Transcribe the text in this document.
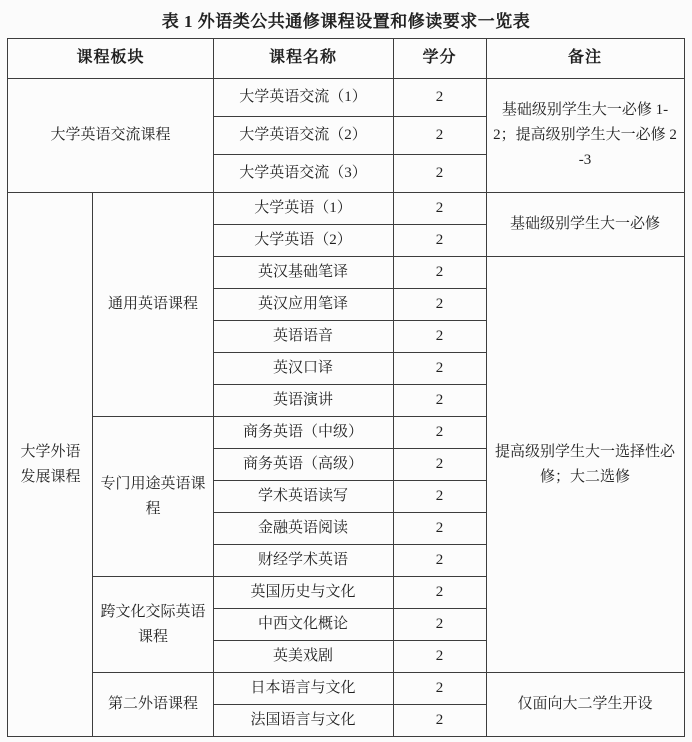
表 1 外语类公共通修课程设置和修读要求一览表
课程板块		课程名称	学分	备注
大学英语交流课程		大学英语交流（1）	2	基础级别学生大一必修 1-2；提高级别学生大一必修 2-3
		大学英语交流（2）	2	
		大学英语交流（3）	2	
大学外语发展课程	通用英语课程	大学英语（1）	2	基础级别学生大一必修
		大学英语（2）	2	
		英汉基础笔译	2	提高级别学生大一选择性必修；大二选修
		英汉应用笔译	2	
		英语语音	2	
		英汉口译	2	
		英语演讲	2	
	专门用途英语课程	商务英语（中级）	2	
		商务英语（高级）	2	
		学术英语读写	2	
		金融英语阅读	2	
		财经学术英语	2	
	跨文化交际英语课程	英国历史与文化	2	
		中西文化概论	2	
		英美戏剧	2	
	第二外语课程	日本语言与文化	2	仅面向大二学生开设
		法国语言与文化	2	
